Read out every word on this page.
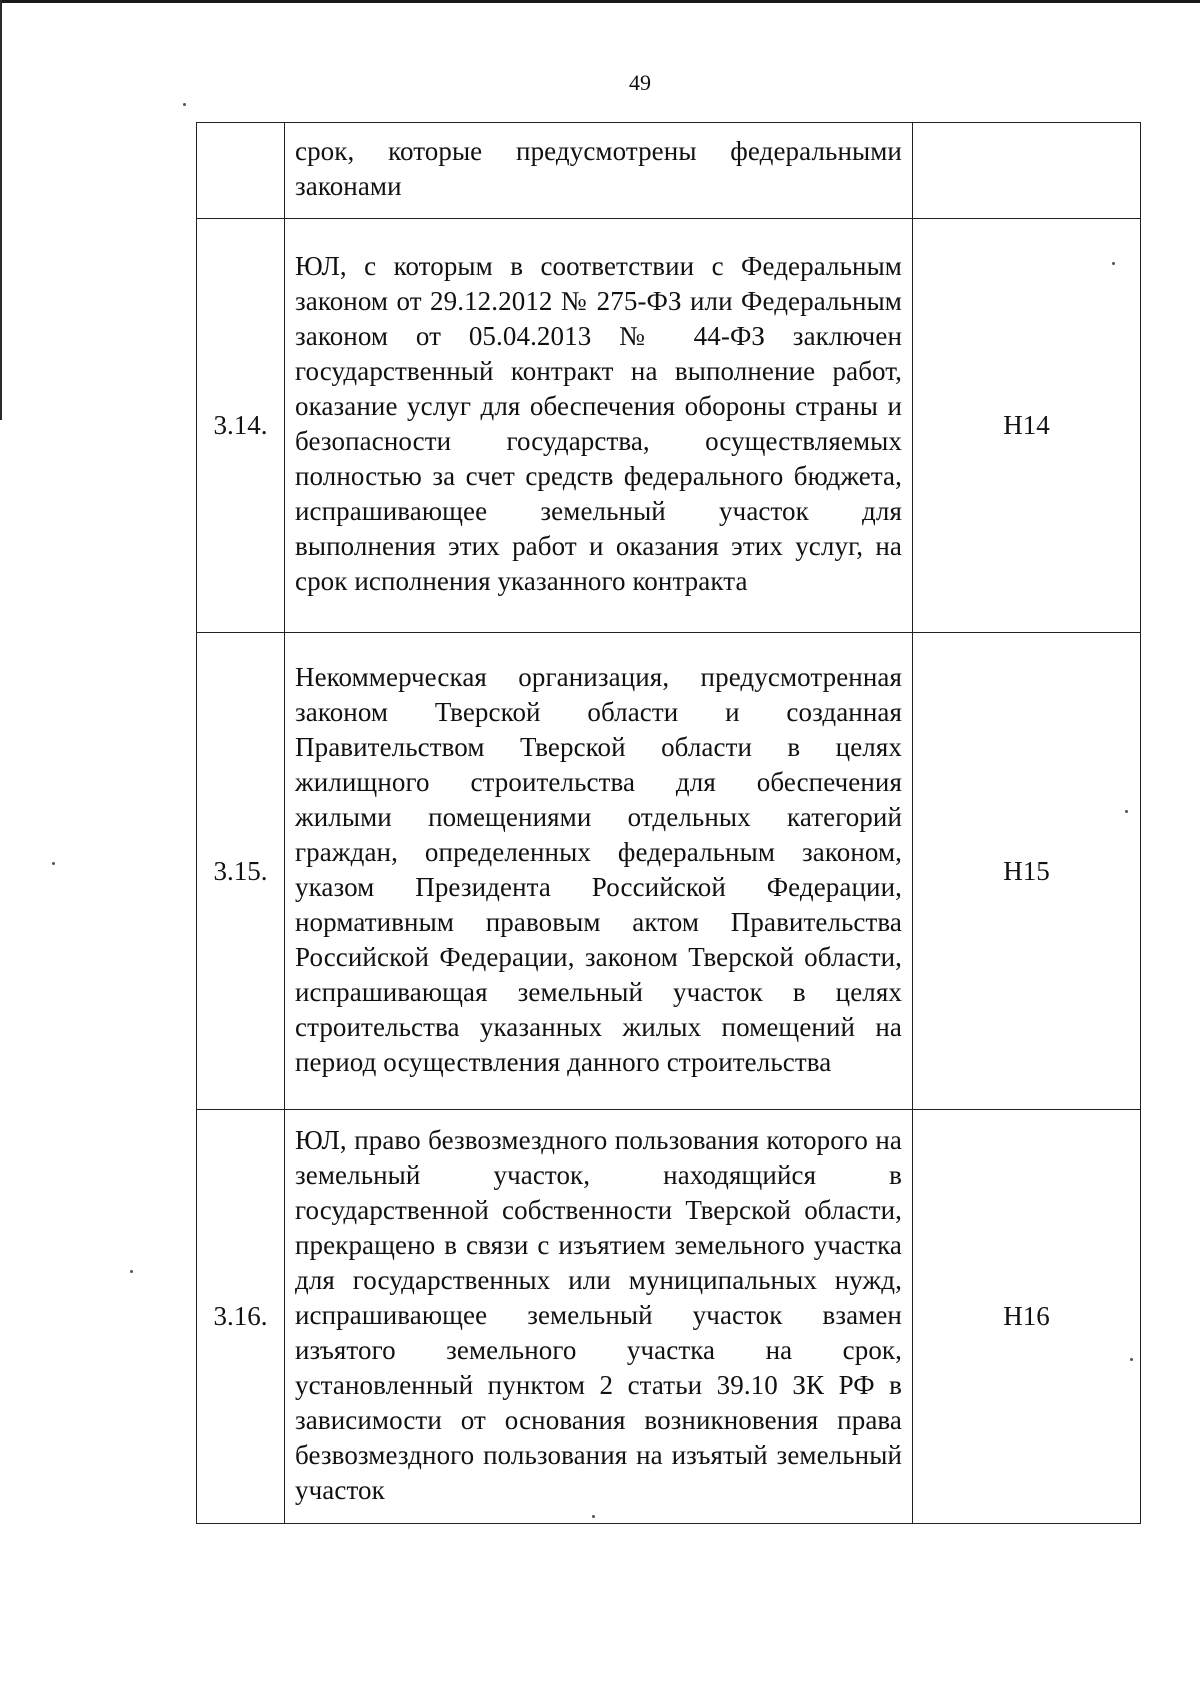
49
	срок, которые предусмотрены федеральными законами	
3.14.	ЮЛ, с которым в соответствии с Федеральным законом от 29.12.2012 № 275-ФЗ или Федеральным законом от 05.04.2013 № 44-ФЗ заключен государственный контракт на выполнение работ, оказание услуг для обеспечения обороны страны и безопасности государства, осуществляемых полностью за счет средств федерального бюджета, испрашивающее земельный участок для выполнения этих работ и оказания этих услуг, на срок исполнения указанного контракта	Н14
3.15.	Некоммерческая организация, предусмотренная законом Тверской области и созданная Правительством Тверской области в целях жилищного строительства для обеспечения жилыми помещениями отдельных категорий граждан, определенных федеральным законом, указом Президента Российской Федерации, нормативным правовым актом Правительства Российской Федерации, законом Тверской области, испрашивающая земельный участок в целях строительства указанных жилых помещений на период осуществления данного строительства	Н15
3.16.	ЮЛ, право безвозмездного пользования которого на земельный участок, находящийся в государственной собственности Тверской области, прекращено в связи с изъятием земельного участка для государственных или муниципальных нужд, испрашивающее земельный участок взамен изъятого земельного участка на срок, установленный пунктом 2 статьи 39.10 ЗК РФ в зависимости от основания возникновения права безвозмездного пользования на изъятый земельный участок	Н16
